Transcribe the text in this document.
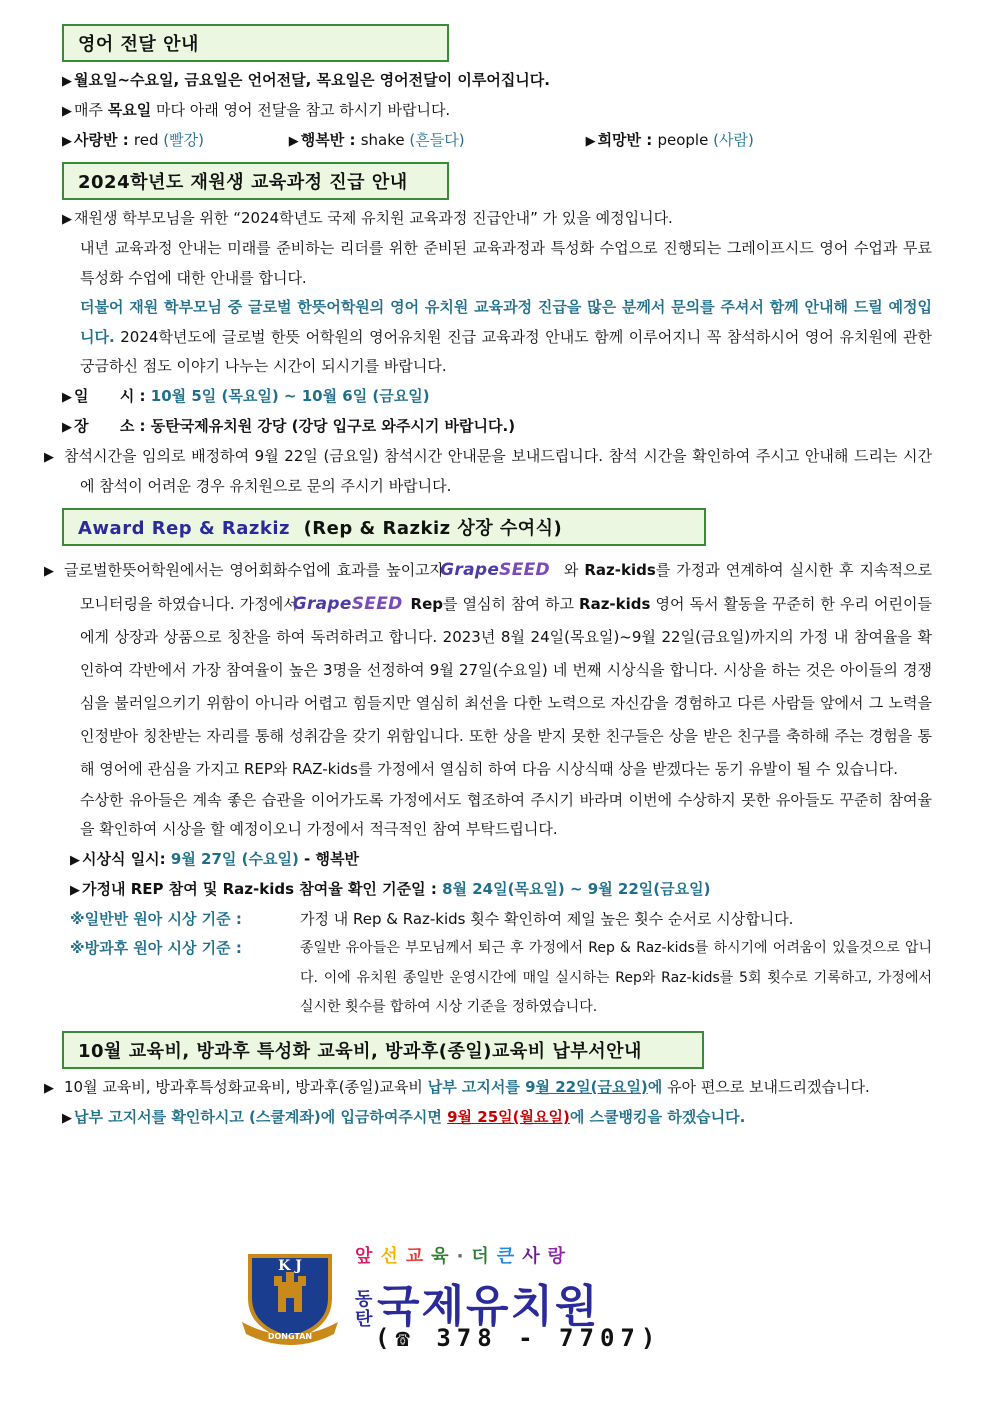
영어 전달 안내

▶ 월요일~수요일, 금요일은 언어전달, 목요일은 영어전달이 이루어집니다.

▶ 매주 목요일 마다 아래 영어 전달을 참고 하시기 바랍니다.

▶ 사랑반 : red (빨강)	▶ 행복반 : shake (흔들다)	▶ 희망반 : people (사람)

2024학년도 재원생 교육과정 진급 안내

▶ 재원생 학부모님을 위한 “2024학년도 국제 유치원 교육과정 진급안내” 가 있을 예정입니다.

내년 교육과정 안내는 미래를 준비하는 리더를 위한 준비된 교육과정과 특성화 수업으로 진행되는 그레이프시드 영어 수업과 무료 특성화 수업에 대한 안내를 합니다.

더불어 재원 학부모님 중 글로벌 한뜻어학원의 영어 유치원 교육과정 진급을 많은 분께서 문의를 주셔서 함께 안내해 드릴 예정입니다. 2024학년도에 글로벌 한뜻 어학원의 영어유치원 진급 교육과정 안내도 함께 이루어지니 꼭 참석하시어 영어 유치원에 관한 궁금하신 점도 이야기 나누는 시간이 되시기를 바랍니다.

▶ 일      시 : 10월 5일 (목요일) ~ 10월 6일 (금요일)

▶ 장      소 : 동탄국제유치원 강당 (강당 입구로 와주시기 바랍니다.)

▶ 참석시간을 임의로 배정하여 9월 22일 (금요일) 참석시간 안내문을 보내드립니다. 참석 시간을 확인하여 주시고 안내해 드리는 시간에 참석이 어려운 경우 유치원으로 문의 주시기 바랍니다.

Award Rep & Razkiz (Rep & Razkiz 상장 수여식)

▶ 글로벌한뜻어학원에서는 영어회화수업에 효과를 높이고자 GrapeSEED 와 Raz-kids를 가정과 연계하여 실시한 후 지속적으로 모니터링을 하였습니다. 가정에서 GrapeSEED Rep를 열심히 참여 하고 Raz-kids 영어 독서 활동을 꾸준히 한 우리 어린이들에게 상장과 상품으로 칭찬을 하여 독려하려고 합니다. 2023년 8월 24일(목요일)~9월 22일(금요일)까지의 가정 내 참여율을 확인하여 각반에서 가장 참여율이 높은 3명을 선정하여 9월 27일(수요일) 네 번째 시상식을 합니다. 시상을 하는 것은 아이들의 경쟁심을 불러일으키기 위함이 아니라 어렵고 힘들지만 열심히 최선을 다한 노력으로 자신감을 경험하고 다른 사람들 앞에서 그 노력을 인정받아 칭찬받는 자리를 통해 성취감을 갖기 위함입니다. 또한 상을 받지 못한 친구들은 상을 받은 친구를 축하해 주는 경험을 통해 영어에 관심을 가지고 REP와 RAZ-kids를 가정에서 열심히 하여 다음 시상식때 상을 받겠다는 동기 유발이 될 수 있습니다.

수상한 유아들은 계속 좋은 습관을 이어가도록 가정에서도 협조하여 주시기 바라며 이번에 수상하지 못한 유아들도 꾸준히 참여율을 확인하여 시상을 할 예정이오니 가정에서 적극적인 참여 부탁드립니다.

▶ 시상식 일시: 9월 27일 (수요일) - 행복반

▶ 가정내 REP 참여 및 Raz-kids 참여율 확인 기준일 : 8월 24일(목요일) ~ 9월 22일(금요일)

※일반반 원아 시상 기준 :	가정 내 Rep & Raz-kids 횟수 확인하여 제일 높은 횟수 순서로 시상합니다.
※방과후 원아 시상 기준 :	종일반 유아들은 부모님께서 퇴근 후 가정에서 Rep & Raz-kids를 하시기에 어려움이 있을것으로 압니다. 이에 유치원 종일반 운영시간에 매일 실시하는 Rep와 Raz-kids를 5회 횟수로 기록하고, 가정에서 실시한 횟수를 합하여 시상 기준을 정하였습니다.
10월 교육비, 방과후 특성화 교육비, 방과후(종일)교육비 납부서안내

▶ 10월 교육비, 방과후특성화교육비, 방과후(종일)교육비 납부 고지서를 9월 22일(금요일)에 유아 편으로 보내드리겠습니다.

▶ 납부 고지서를 확인하시고 (스쿨계좌)에 입금하여주시면 9월 25일(월요일)에 스쿨뱅킹을 하겠습니다.

K J
DONGTAN
앞선교육·더큰사랑
동
탄국제유치원
(☎ 378 - 7707)
